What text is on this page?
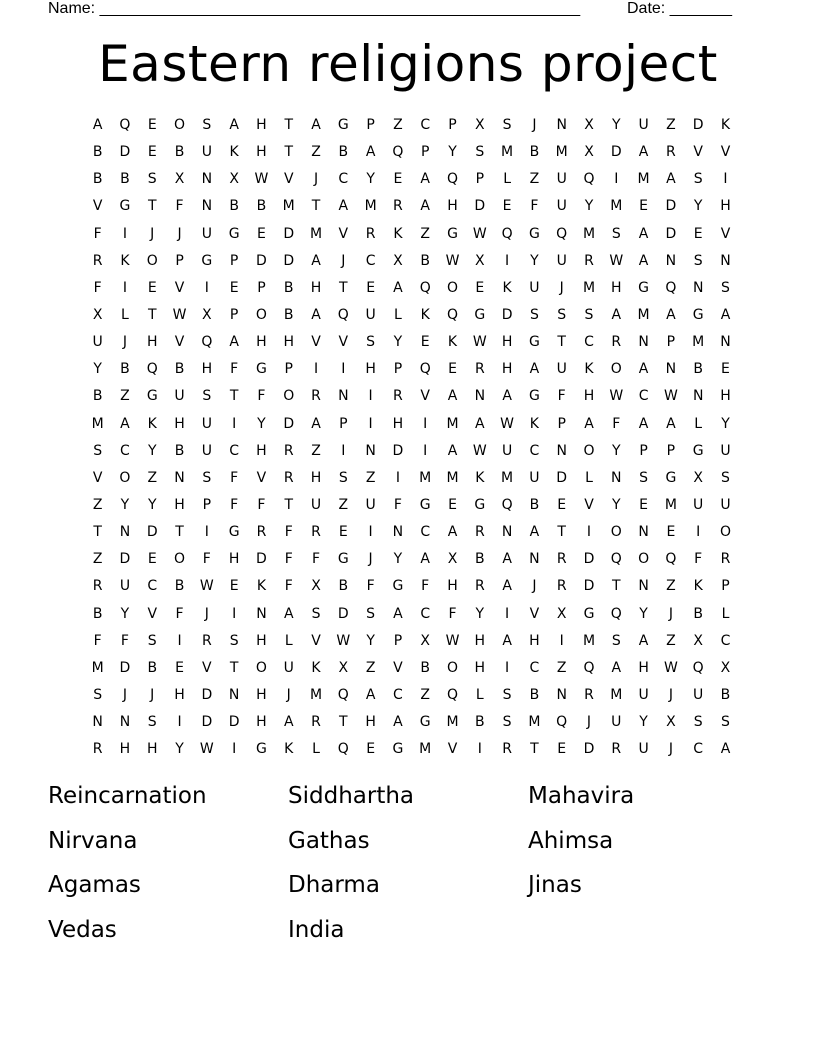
Name: ______________________________________________________

	Date: _______

Eastern religions project
A	Q	E	O	S	A	H	T	A	G	P	Z	C	P	X	S	J	N	X	Y	U	Z	D	K
B	D	E	B	U	K	H	T	Z	B	A	Q	P	Y	S	M	B	M	X	D	A	R	V	V
B	B	S	X	N	X	W	V	J	C	Y	E	A	Q	P	L	Z	U	Q	I	M	A	S	I
V	G	T	F	N	B	B	M	T	A	M	R	A	H	D	E	F	U	Y	M	E	D	Y	H
F	I	J	J	U	G	E	D	M	V	R	K	Z	G	W	Q	G	Q	M	S	A	D	E	V
R	K	O	P	G	P	D	D	A	J	C	X	B	W	X	I	Y	U	R	W	A	N	S	N
F	I	E	V	I	E	P	B	H	T	E	A	Q	O	E	K	U	J	M	H	G	Q	N	S
X	L	T	W	X	P	O	B	A	Q	U	L	K	Q	G	D	S	S	S	A	M	A	G	A
U	J	H	V	Q	A	H	H	V	V	S	Y	E	K	W	H	G	T	C	R	N	P	M	N
Y	B	Q	B	H	F	G	P	I	I	H	P	Q	E	R	H	A	U	K	O	A	N	B	E
B	Z	G	U	S	T	F	O	R	N	I	R	V	A	N	A	G	F	H	W	C	W	N	H
M	A	K	H	U	I	Y	D	A	P	I	H	I	M	A	W	K	P	A	F	A	A	L	Y
S	C	Y	B	U	C	H	R	Z	I	N	D	I	A	W	U	C	N	O	Y	P	P	G	U
V	O	Z	N	S	F	V	R	H	S	Z	I	M	M	K	M	U	D	L	N	S	G	X	S
Z	Y	Y	H	P	F	F	T	U	Z	U	F	G	E	G	Q	B	E	V	Y	E	M	U	U
T	N	D	T	I	G	R	F	R	E	I	N	C	A	R	N	A	T	I	O	N	E	I	O
Z	D	E	O	F	H	D	F	F	G	J	Y	A	X	B	A	N	R	D	Q	O	Q	F	R
R	U	C	B	W	E	K	F	X	B	F	G	F	H	R	A	J	R	D	T	N	Z	K	P
B	Y	V	F	J	I	N	A	S	D	S	A	C	F	Y	I	V	X	G	Q	Y	J	B	L
F	F	S	I	R	S	H	L	V	W	Y	P	X	W	H	A	H	I	M	S	A	Z	X	C
M	D	B	E	V	T	O	U	K	X	Z	V	B	O	H	I	C	Z	Q	A	H	W	Q	X
S	J	J	H	D	N	H	J	M	Q	A	C	Z	Q	L	S	B	N	R	M	U	J	U	B
N	N	S	I	D	D	H	A	R	T	H	A	G	M	B	S	M	Q	J	U	Y	X	S	S
R	H	H	Y	W	I	G	K	L	Q	E	G	M	V	I	R	T	E	D	R	U	J	C	A
Reincarnation	Siddhartha	Mahavira
Nirvana	Gathas	Ahimsa
Agamas	Dharma	Jinas
Vedas	India
